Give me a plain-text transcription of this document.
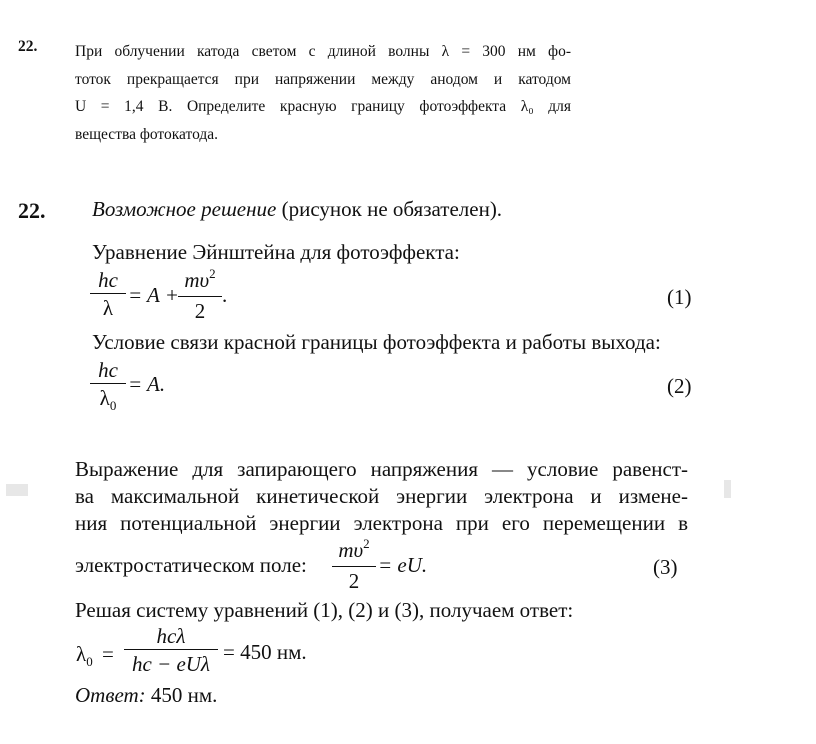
22. При облучении катода светом с длиной волны λ = 300 нм фо-
тоток прекращается при напряжении между анодом и катодом
U = 1,4 В. Определите красную границу фотоэффекта λ₀ для
вещества фотокатода.
22. Возможное решение (рисунок не обязателен).
Уравнение Эйнштейна для фотоэффекта:
$\frac{hc}{\lambda} = A + \frac{m\upsilon^2}{2}$ .	(1)
Условие связи красной границы фотоэффекта и работы выхода:
$\frac{hc}{\lambda_0} = A$.	(2)
Выражение для запирающего напряжения — условие равенст-
ва максимальной кинетической энергии электрона и измене-
ния потенциальной энергии электрона при его перемещении в
электростатическом поле: $\frac{m\upsilon^2}{2}$ = eU.	(3)
Решая систему уравнений (1), (2) и (3), получаем ответ:
$\lambda_0$ =
hcλ
hc − eUλ = 450 нм.
Ответ: 450 нм.
